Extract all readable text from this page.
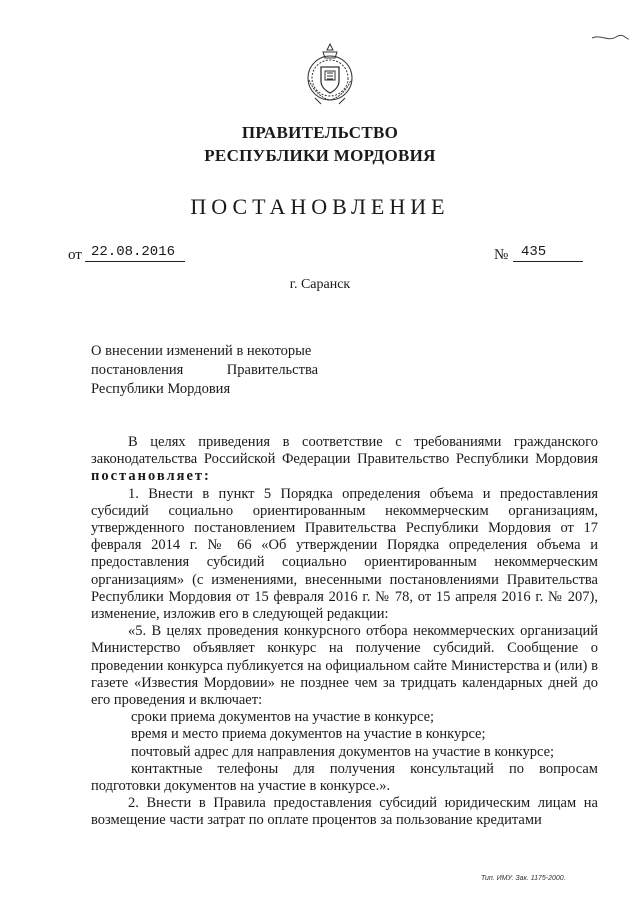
ПРАВИТЕЛЬСТВО
РЕСПУБЛИКИ МОРДОВИЯ
ПОСТАНОВЛЕНИЕ
от 22.08.2016	№ 435
г. Саранск
О внесении изменений в некоторые
постановления            Правительства
Республики Мордовия

В целях приведения в соответствие с требованиями гражданского законодательства Российской Федерации Правительство Республики Мордовия постановляет:

1. Внести в пункт 5 Порядка определения объема и предоставления субсидий социально ориентированным некоммерческим организациям, утвержденного постановлением Правительства Республики Мордовия от 17 февраля 2014 г. № 66 «Об утверждении Порядка определения объема и предоставления субсидий социально ориентированным некоммерческим организациям» (с изменениями, внесенными постановлениями Правительства Республики Мордовия от 15 февраля 2016 г. № 78, от 15 апреля 2016 г. № 207), изменение, изложив его в следующей редакции:

«5. В целях проведения конкурсного отбора некоммерческих организаций Министерство объявляет конкурс на получение субсидий. Сообщение о проведении конкурса публикуется на официальном сайте Министерства и (или) в газете «Известия Мордовии» не позднее чем за тридцать календарных дней до его проведения и включает:

сроки приема документов на участие в конкурсе;

время и место приема документов на участие в конкурсе;

почтовый адрес для направления документов на участие в конкурсе;

контактные телефоны для получения консультаций по вопросам подготовки документов на участие в конкурсе.».

2. Внести в Правила предоставления субсидий юридическим лицам на возмещение части затрат по оплате процентов за пользование кредитами

Тип. ИМУ. Зак. 1175-2000.
